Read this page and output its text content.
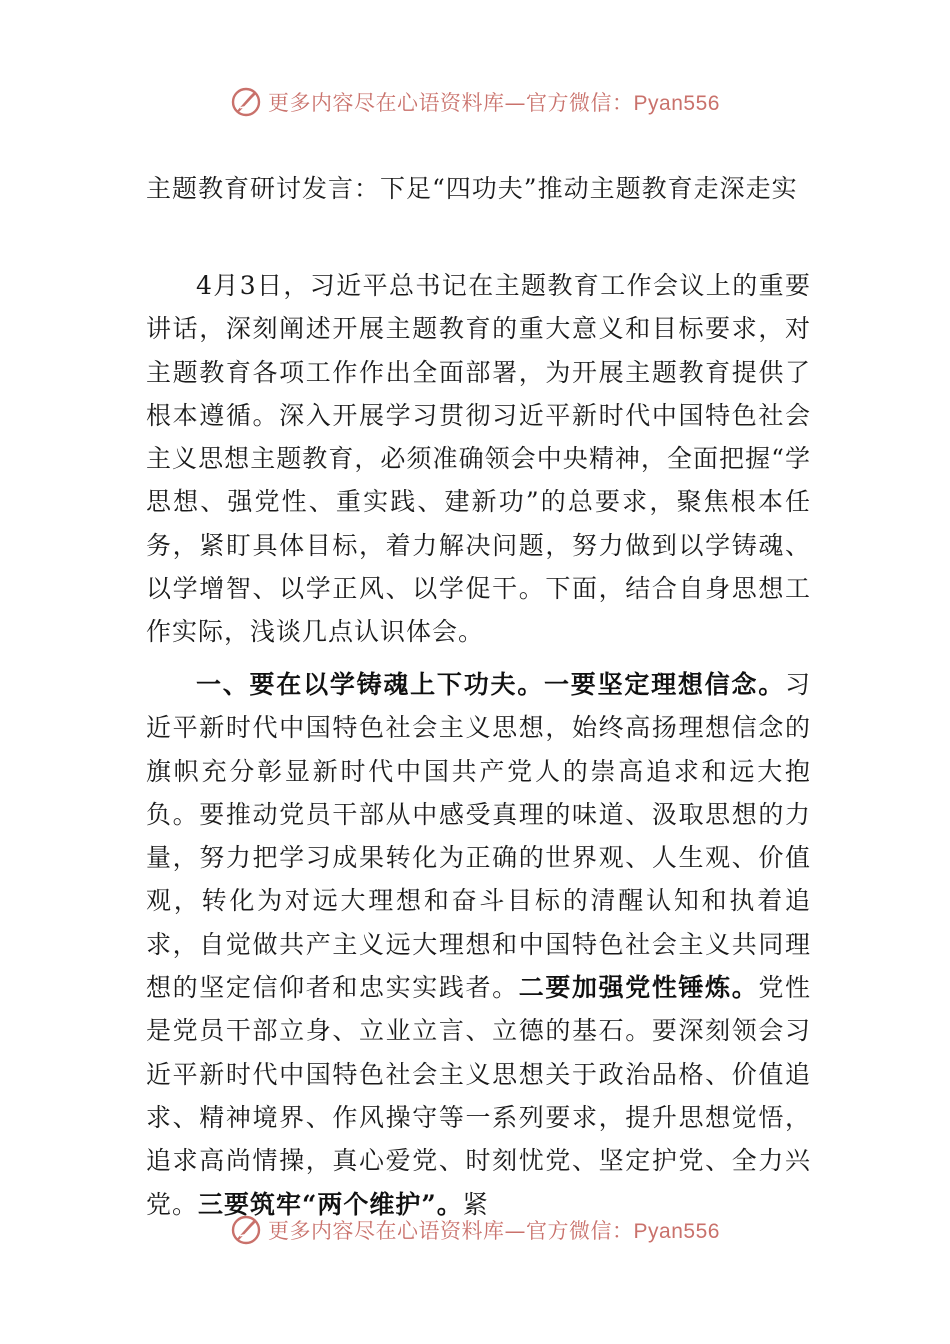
更多内容尽在心语资料库—官方微信：Pyan556
主题教育研讨发言：下足“四功夫”推动主题教育走深走实

4月3日，习近平总书记在主题教育工作会议上的重要讲话，深刻阐述开展主题教育的重大意义和目标要求，对主题教育各项工作作出全面部署，为开展主题教育提供了根本遵循。深入开展学习贯彻习近平新时代中国特色社会主义思想主题教育，必须准确领会中央精神，全面把握“学思想、强党性、重实践、建新功”的总要求，聚焦根本任务，紧盯具体目标，着力解决问题，努力做到以学铸魂、以学增智、以学正风、以学促干。下面，结合自身思想工作实际，浅谈几点认识体会。

一、要在以学铸魂上下功夫。一要坚定理想信念。习近平新时代中国特色社会主义思想，始终高扬理想信念的旗帜充分彰显新时代中国共产党人的崇高追求和远大抱负。要推动党员干部从中感受真理的味道、汲取思想的力量，努力把学习成果转化为正确的世界观、人生观、价值观，转化为对远大理想和奋斗目标的清醒认知和执着追求，自觉做共产主义远大理想和中国特色社会主义共同理想的坚定信仰者和忠实实践者。二要加强党性锤炼。党性是党员干部立身、立业立言、立德的基石。要深刻领会习近平新时代中国特色社会主义思想关于政治品格、价值追求、精神境界、作风操守等一系列要求，提升思想觉悟，追求高尚情操，真心爱党、时刻忧党、坚定护党、全力兴党。三要筑牢“两个维护”。紧

更多内容尽在心语资料库—官方微信：Pyan556
